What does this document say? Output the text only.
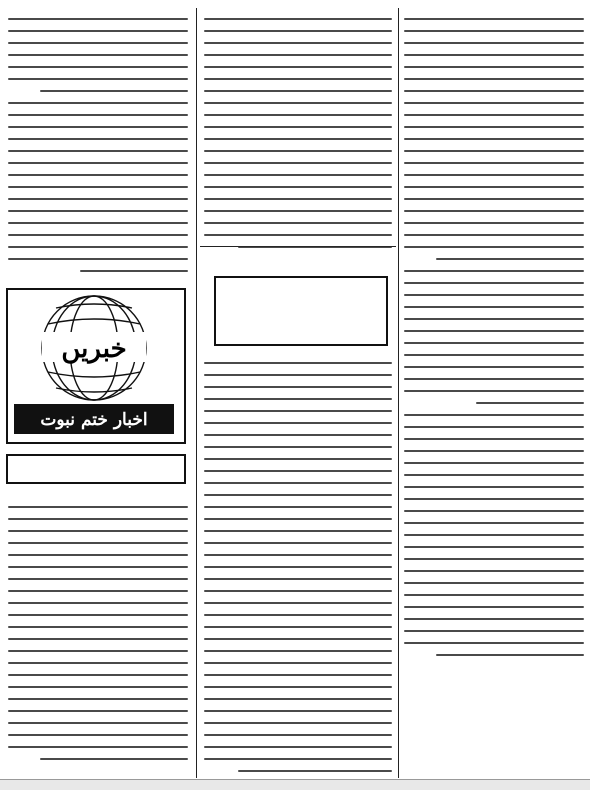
خبریں
اخبار ختم نبوت
